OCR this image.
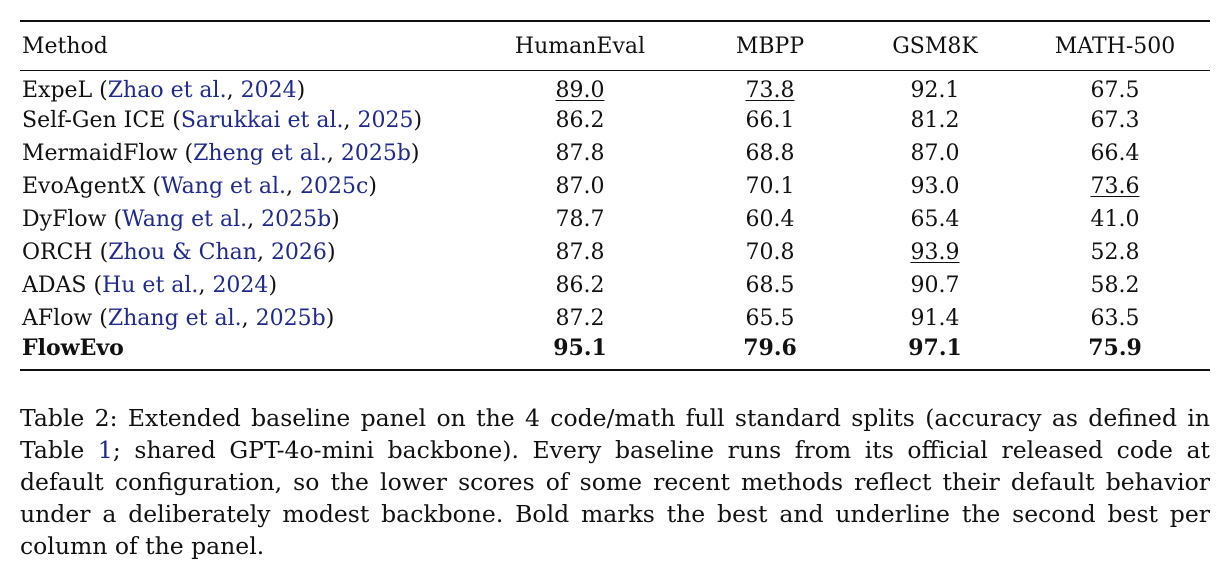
Method	HumanEval	MBPP	GSM8K	MATH-500
ExpeL (Zhao et al., 2024)	89.0	73.8	92.1	67.5
Self-Gen ICE (Sarukkai et al., 2025)	86.2	66.1	81.2	67.3
MermaidFlow (Zheng et al., 2025b)	87.8	68.8	87.0	66.4
EvoAgentX (Wang et al., 2025c)	87.0	70.1	93.0	73.6
DyFlow (Wang et al., 2025b)	78.7	60.4	65.4	41.0
ORCH (Zhou & Chan, 2026)	87.8	70.8	93.9	52.8
ADAS (Hu et al., 2024)	86.2	68.5	90.7	58.2
AFlow (Zhang et al., 2025b)	87.2	65.5	91.4	63.5
FlowEvo	95.1	79.6	97.1	75.9
Table 2: Extended baseline panel on the 4 code/math full standard splits (accuracy as defined in Table 1; shared GPT-4o-mini backbone). Every baseline runs from its official released code at default configuration, so the lower scores of some recent methods reflect their default behavior under a deliberately modest backbone. Bold marks the best and underline the second best per column of the panel.
